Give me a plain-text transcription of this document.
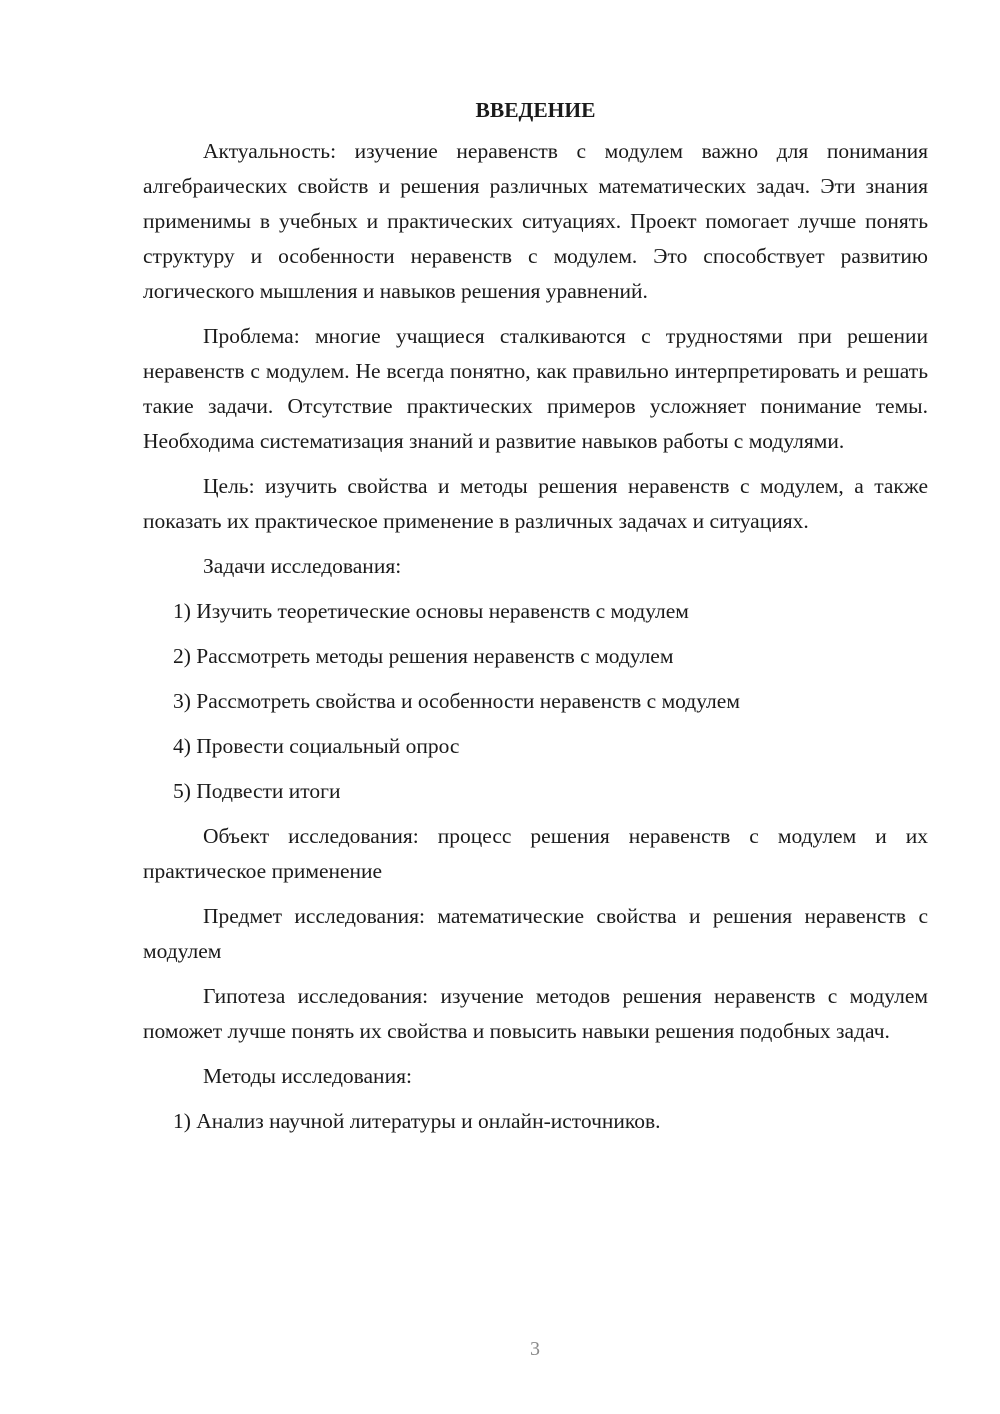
ВВЕДЕНИЕ

Актуальность: изучение неравенств с модулем важно для понимания алгебраических свойств и решения различных математических задач. Эти знания применимы в учебных и практических ситуациях. Проект помогает лучше понять структуру и особенности неравенств с модулем. Это способствует развитию логического мышления и навыков решения уравнений.

Проблема: многие учащиеся сталкиваются с трудностями при решении неравенств с модулем. Не всегда понятно, как правильно интерпретировать и решать такие задачи. Отсутствие практических примеров усложняет понимание темы. Необходима систематизация знаний и развитие навыков работы с модулями.

Цель: изучить свойства и методы решения неравенств с модулем, а также показать их практическое применение в различных задачах и ситуациях.

Задачи исследования:

1) Изучить теоретические основы неравенств с модулем

2) Рассмотреть методы решения неравенств с модулем

3) Рассмотреть свойства и особенности неравенств с модулем

4) Провести социальный опрос

5) Подвести итоги

Объект исследования: процесс решения неравенств с модулем и их практическое применение

Предмет исследования: математические свойства и решения неравенств с модулем

Гипотеза исследования: изучение методов решения неравенств с модулем поможет лучше понять их свойства и повысить навыки решения подобных задач.

Методы исследования:

1) Анализ научной литературы и онлайн-источников.

3
